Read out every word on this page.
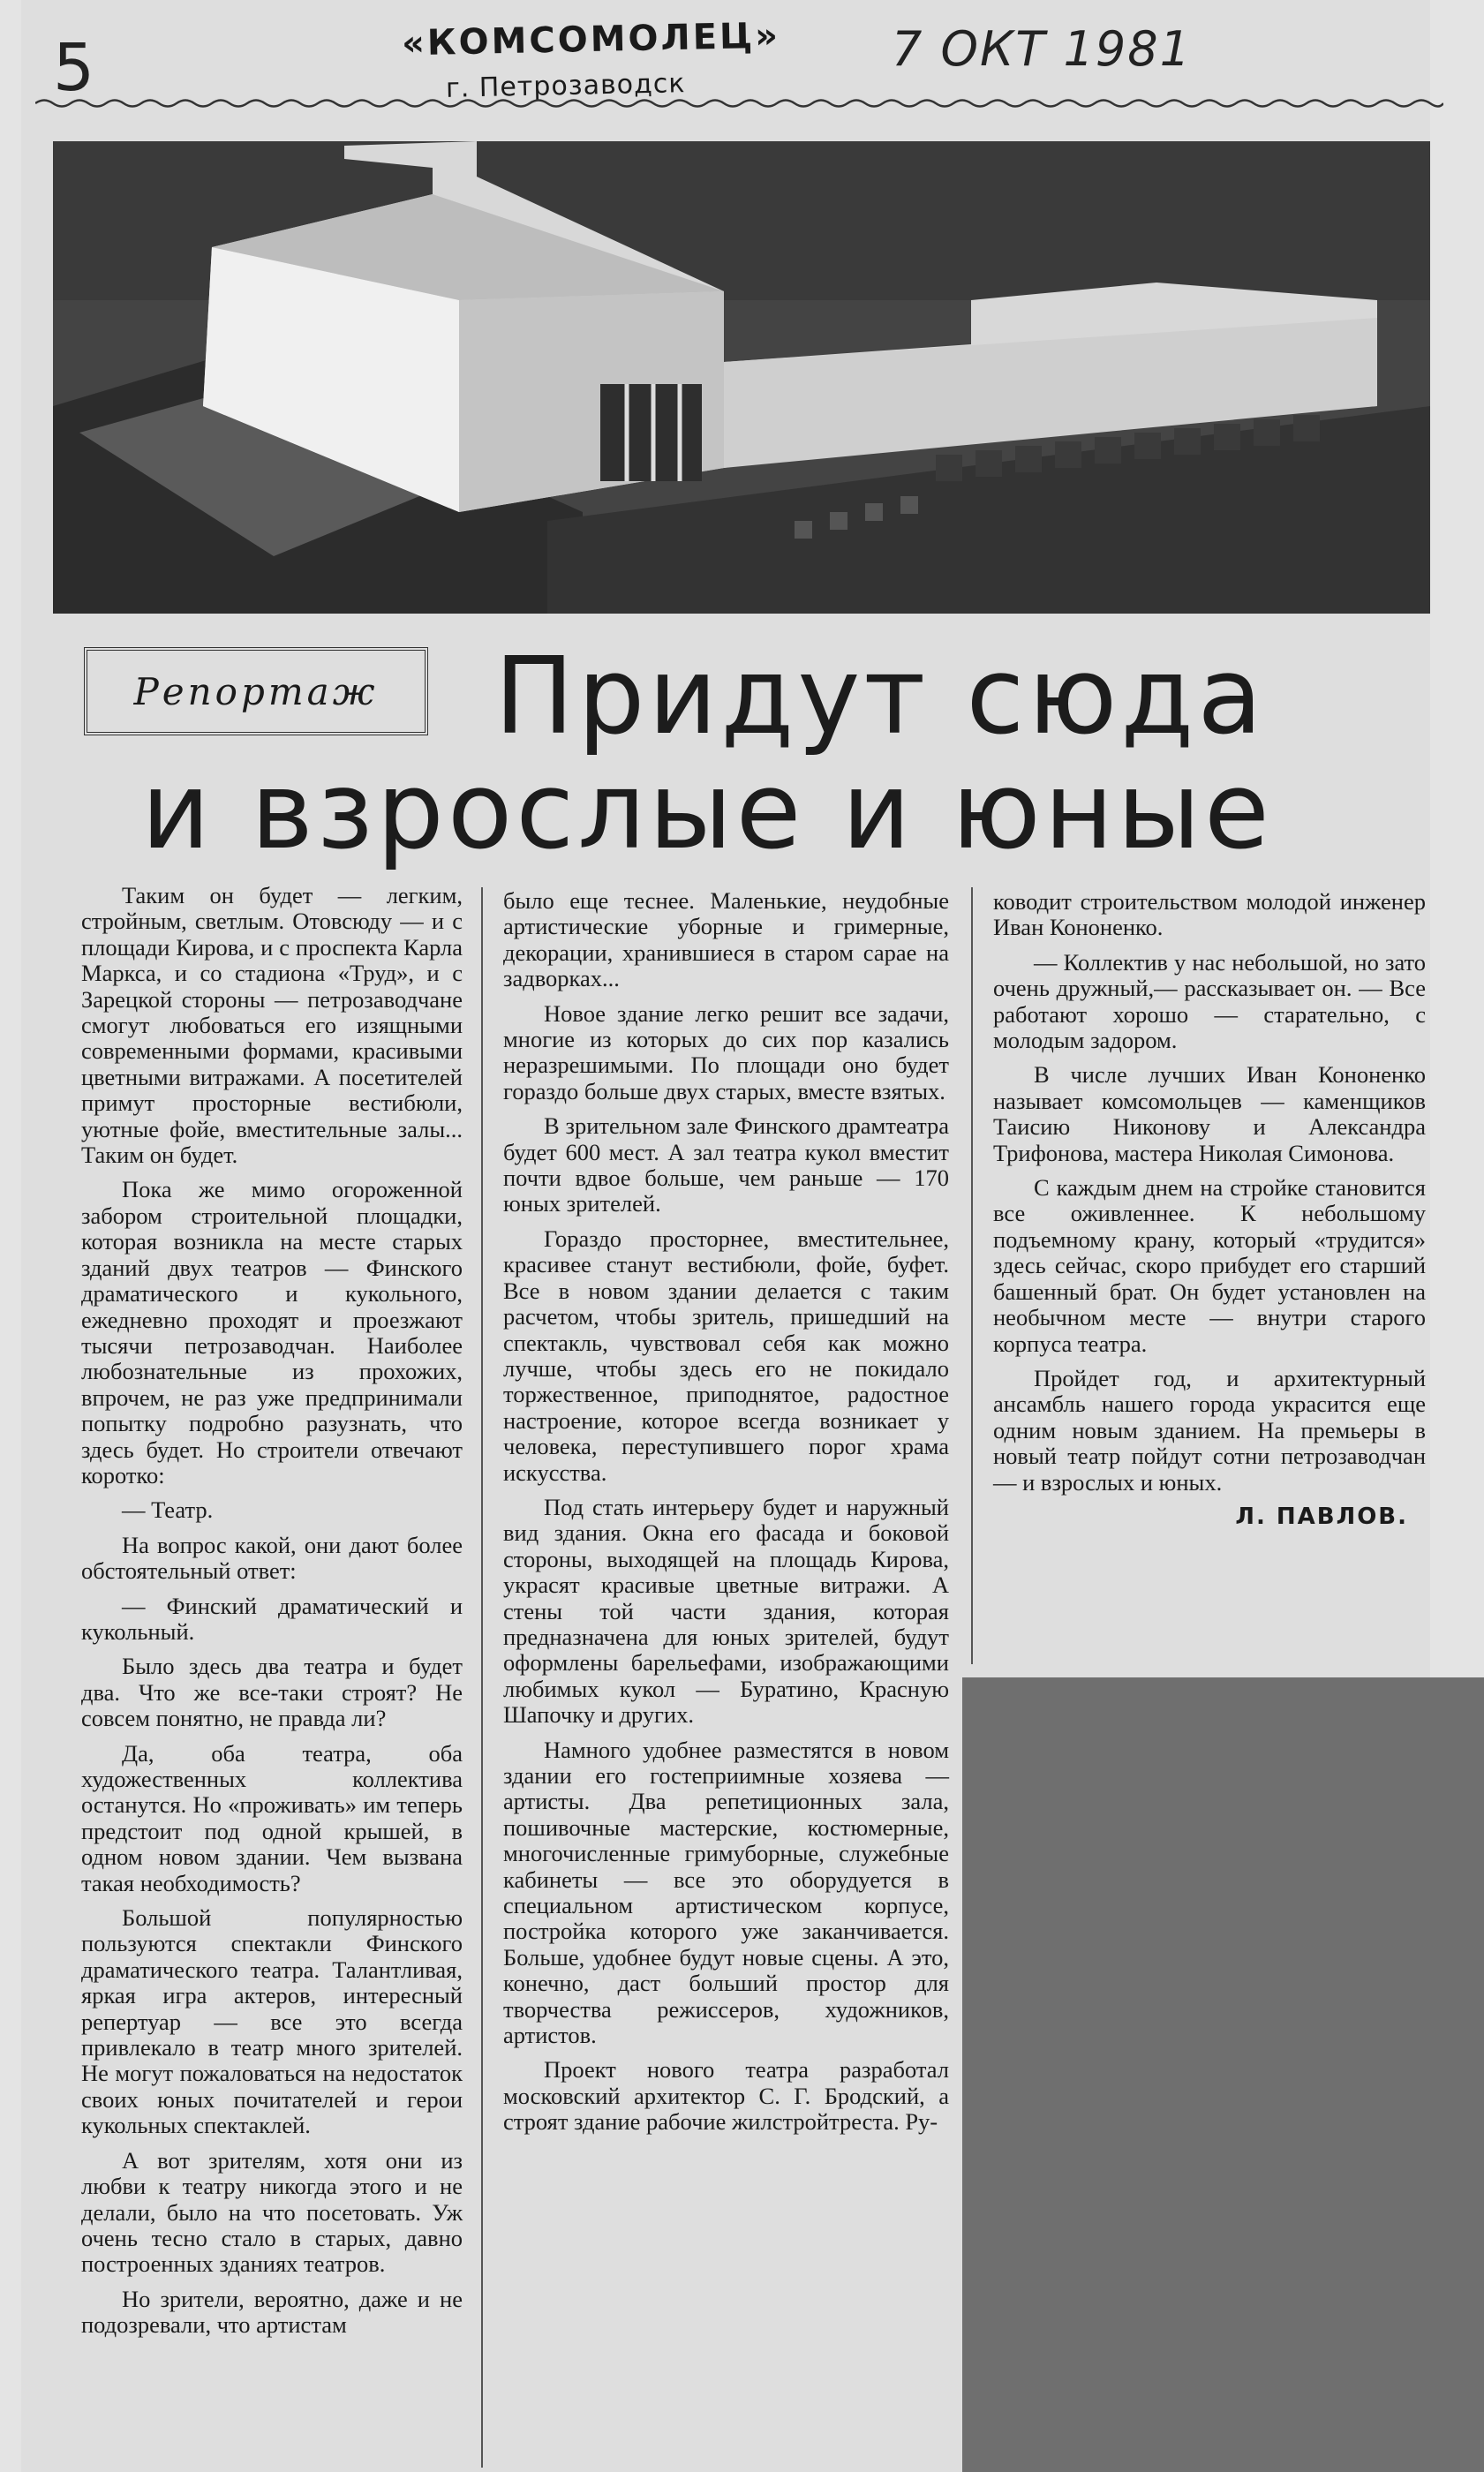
5	7 ОКТ 1981
«КОМСОМОЛЕЦ»
г. Петрозаводск
Репортаж Придут сюда
и взрослые и юные

Таким он будет — легким, стройным, светлым. Отовсюду — и с площади Кирова, и с проспекта Карла Маркса, и со стадиона «Труд», и с Зарецкой стороны — петрозаводчане смогут любоваться его изящными современными формами, красивыми цветными витражами. А посетителей примут просторные вестибюли, уютные фойе, вместительные залы... Таким он будет.

Пока же мимо огороженной забором строительной площадки, которая возникла на месте старых зданий двух театров — Финского драматического и кукольного, ежедневно проходят и проезжают тысячи петрозаводчан. Наиболее любознательные из прохожих, впрочем, не раз уже предпринимали попытку подробно разузнать, что здесь будет. Но строители отвечают коротко:

— Театр.

На вопрос какой, они дают более обстоятельный ответ:

— Финский драматический и кукольный.

Было здесь два театра и будет два. Что же все-таки строят? Не совсем понятно, не правда ли?

Да, оба театра, оба художественных коллектива останутся. Но «проживать» им теперь предстоит под одной крышей, в одном новом здании. Чем вызвана такая необходимость?

Большой популярностью пользуются спектакли Финского драматического театра. Талантливая, яркая игра актеров, интересный репертуар — все это всегда привлекало в театр много зрителей. Не могут пожаловаться на недостаток своих юных почитателей и герои кукольных спектаклей.

А вот зрителям, хотя они из любви к театру никогда этого и не делали, было на что посетовать. Уж очень тесно стало в старых, давно построенных зданиях театров.

Но зрители, вероятно, даже и не подозревали, что артистам

было еще теснее. Маленькие, неудобные артистические уборные и гримерные, декорации, хранившиеся в старом сарае на задворках...

Новое здание легко решит все задачи, многие из которых до сих пор казались неразрешимыми. По площади оно будет гораздо больше двух старых, вместе взятых.

В зрительном зале Финского драмтеатра будет 600 мест. А зал театра кукол вместит почти вдвое больше, чем раньше — 170 юных зрителей.

Гораздо просторнее, вместительнее, красивее станут вестибюли, фойе, буфет. Все в новом здании делается с таким расчетом, чтобы зритель, пришедший на спектакль, чувствовал себя как можно лучше, чтобы здесь его не покидало торжественное, приподнятое, радостное настроение, которое всегда возникает у человека, переступившего порог храма искусства.

Под стать интерьеру будет и наружный вид здания. Окна его фасада и боковой стороны, выходящей на площадь Кирова, украсят красивые цветные витражи. А стены той части здания, которая предназначена для юных зрителей, будут оформлены барельефами, изображающими любимых кукол — Буратино, Красную Шапочку и других.

Намного удобнее разместятся в новом здании его гостеприимные хозяева — артисты. Два репетиционных зала, пошивочные мастерские, костюмерные, многочисленные гримуборные, служебные кабинеты — все это оборудуется в специальном артистическом корпусе, постройка которого уже заканчивается. Больше, удобнее будут новые сцены. А это, конечно, даст больший простор для творчества режиссеров, художников, артистов.

Проект нового театра разработал московский архитектор С. Г. Бродский, а строят здание рабочие жилстройтреста. Ру-

ководит строительством молодой инженер Иван Кононенко.

— Коллектив у нас небольшой, но зато очень дружный,— рассказывает он. — Все работают хорошо — старательно, с молодым задором.

В числе лучших Иван Кононенко называет комсомольцев — каменщиков Таисию Никонову и Александра Трифонова, мастера Николая Симонова.

С каждым днем на стройке становится все оживленнее. К небольшому подъемному крану, который «трудится» здесь сейчас, скоро прибудет его старший башенный брат. Он будет установлен на необычном месте — внутри старого корпуса театра.

Пройдет год, и архитектурный ансамбль нашего города украсится еще одним новым зданием. На премьеры в новый театр пойдут сотни петрозаводчан — и взрослых и юных.

Л. ПАВЛОВ.
